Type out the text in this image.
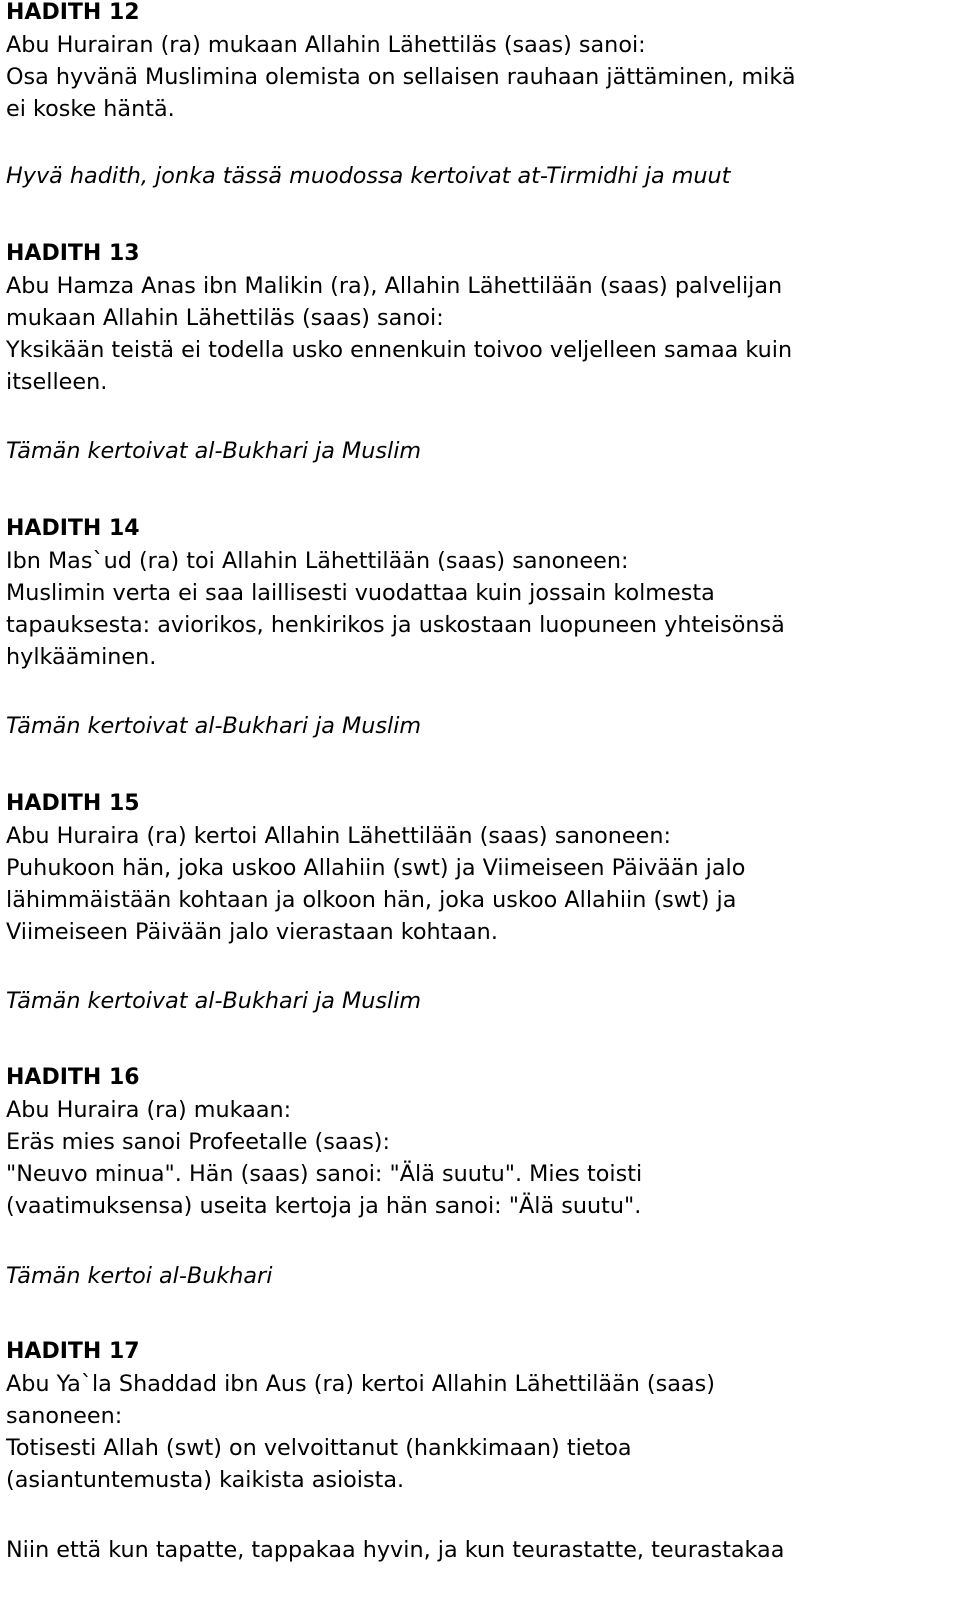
HADITH 12
Abu Hurairan (ra) mukaan Allahin Lähettiläs (saas) sanoi:
Osa hyvänä Muslimina olemista on sellaisen rauhaan jättäminen, mikä
ei koske häntä.
Hyvä hadith, jonka tässä muodossa kertoivat at-Tirmidhi ja muut
HADITH 13
Abu Hamza Anas ibn Malikin (ra), Allahin Lähettilään (saas) palvelijan
mukaan Allahin Lähettiläs (saas) sanoi:
Yksikään teistä ei todella usko ennenkuin toivoo veljelleen samaa kuin
itselleen.
Tämän kertoivat al-Bukhari ja Muslim
HADITH 14
Ibn Mas`ud (ra) toi Allahin Lähettilään (saas) sanoneen:
Muslimin verta ei saa laillisesti vuodattaa kuin jossain kolmesta
tapauksesta: aviorikos, henkirikos ja uskostaan luopuneen yhteisönsä
hylkääminen.
Tämän kertoivat al-Bukhari ja Muslim
HADITH 15
Abu Huraira (ra) kertoi Allahin Lähettilään (saas) sanoneen:
Puhukoon hän, joka uskoo Allahiin (swt) ja Viimeiseen Päivään jalo
lähimmäistään kohtaan ja olkoon hän, joka uskoo Allahiin (swt) ja
Viimeiseen Päivään jalo vierastaan kohtaan.
Tämän kertoivat al-Bukhari ja Muslim
HADITH 16
Abu Huraira (ra) mukaan:
Eräs mies sanoi Profeetalle (saas):
"Neuvo minua". Hän (saas) sanoi: "Älä suutu". Mies toisti
(vaatimuksensa) useita kertoja ja hän sanoi: "Älä suutu".
Tämän kertoi al-Bukhari
HADITH 17
Abu Ya`la Shaddad ibn Aus (ra) kertoi Allahin Lähettilään (saas)
sanoneen:
Totisesti Allah (swt) on velvoittanut (hankkimaan) tietoa
(asiantuntemusta) kaikista asioista.
Niin että kun tapatte, tappakaa hyvin, ja kun teurastatte, teurastakaa
